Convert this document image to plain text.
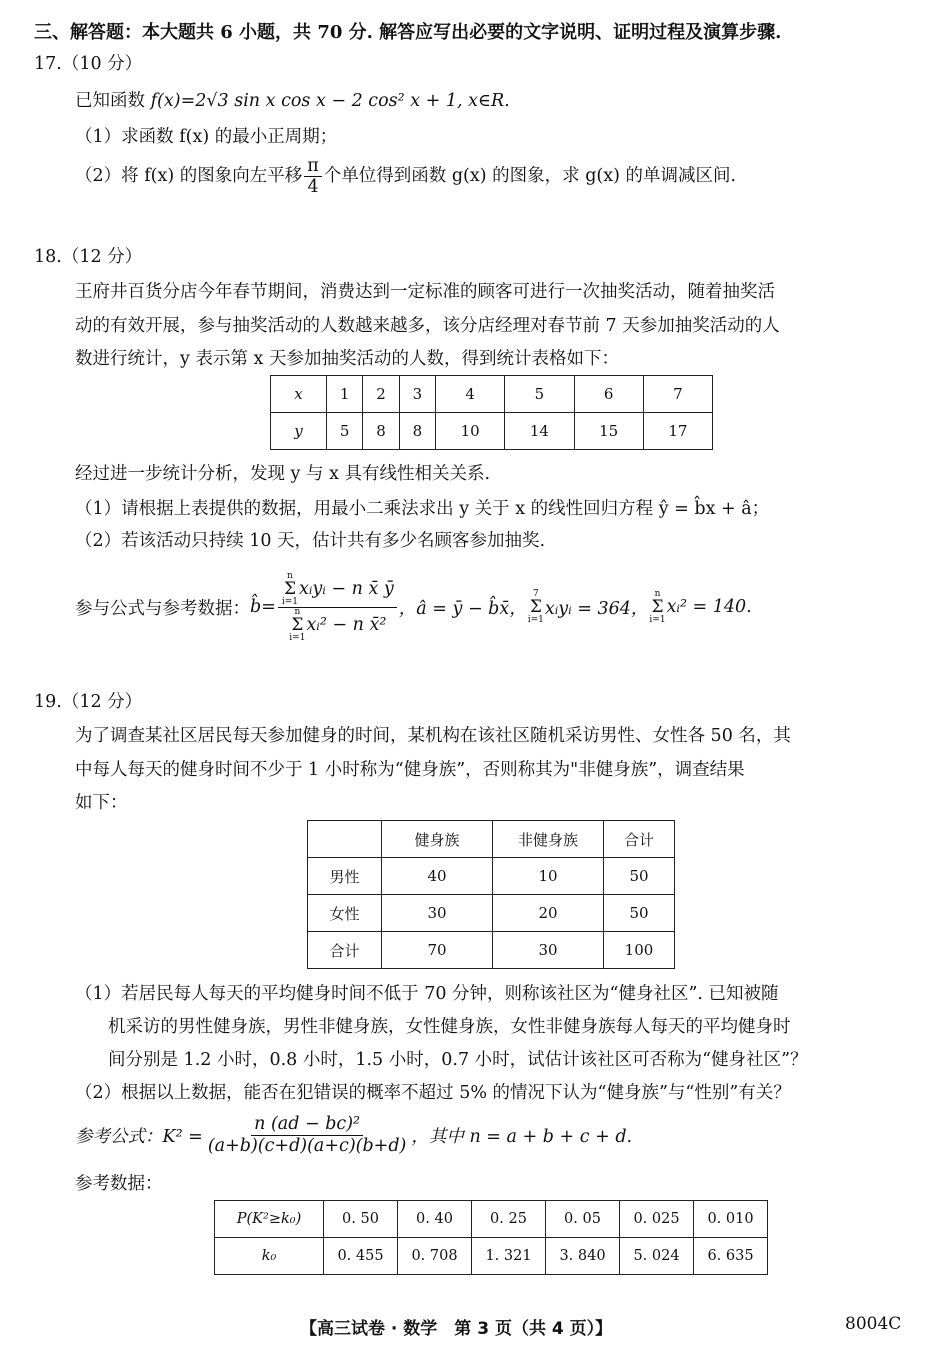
三、解答题：本大题共 6 小题，共 70 分. 解答应写出必要的文字说明、证明过程及演算步骤.
17.（10 分）
已知函数 f(x)=2√3 sin x cos x − 2 cos² x + 1, x∈R.
（1）求函数 f(x) 的最小正周期；
（2）将 f(x) 的图象向左平移 $\frac{\pi}{4}$ 个单位得到函数 g(x) 的图象，求 g(x) 的单调减区间.
18.（12 分）
王府井百货分店今年春节期间，消费达到一定标准的顾客可进行一次抽奖活动，随着抽奖活
动的有效开展，参与抽奖活动的人数越来越多，该分店经理对春节前 7 天参加抽奖活动的人
数进行统计，y 表示第 x 天参加抽奖活动的人数，得到统计表格如下：
x	1	2	3	4	5	6	7
y	5	8	8	10	14	15	17
经过进一步统计分析，发现 y 与 x 具有线性相关关系.
（1）请根据上表提供的数据，用最小二乘法求出 y 关于 x 的线性回归方程 ŷ = b̂x + â；
（2）若该活动只持续 10 天，估计共有多少名顾客参加抽奖.
参与公式与参考数据： b̂= n
Σ
i=1
xᵢyᵢ − n x̄ ȳ
n
Σ
i=1
xᵢ² − n x̄² ，â = ȳ − b̂x̄，
7
Σ
i=1
xᵢyᵢ = 364，
n
Σ
i=1
xᵢ² = 140.
19.（12 分）
为了调查某社区居民每天参加健身的时间，某机构在该社区随机采访男性、女性各 50 名，其
中每人每天的健身时间不少于 1 小时称为“健身族”，否则称其为"非健身族”，调查结果
如下：
	健身族	非健身族	合计
男性	40	10	50
女性	30	20	50
合计	70	30	100
（1）若居民每人每天的平均健身时间不低于 70 分钟，则称该社区为“健身社区”. 已知被随
机采访的男性健身族，男性非健身族，女性健身族，女性非健身族每人每天的平均健身时
间分别是 1.2 小时，0.8 小时，1.5 小时，0.7 小时，试估计该社区可否称为“健身社区”？
（2）根据以上数据，能否在犯错误的概率不超过 5% 的情况下认为“健身族”与“性别”有关？
参考公式：$K^2 = \frac{\text{n (ad − bc)²}}{(a+b)(c+d)(a+c)(b+d)}$ ，其中 n = a + b + c + d.
参考数据：
P(K²≥k₀)	0. 50	0. 40	0. 25	0. 05	0. 025	0. 010
k₀	0. 455	0. 708	1. 321	3. 840	5. 024	6. 635
【高三试卷 · 数学　第 3 页（共 4 页）】	8004C
